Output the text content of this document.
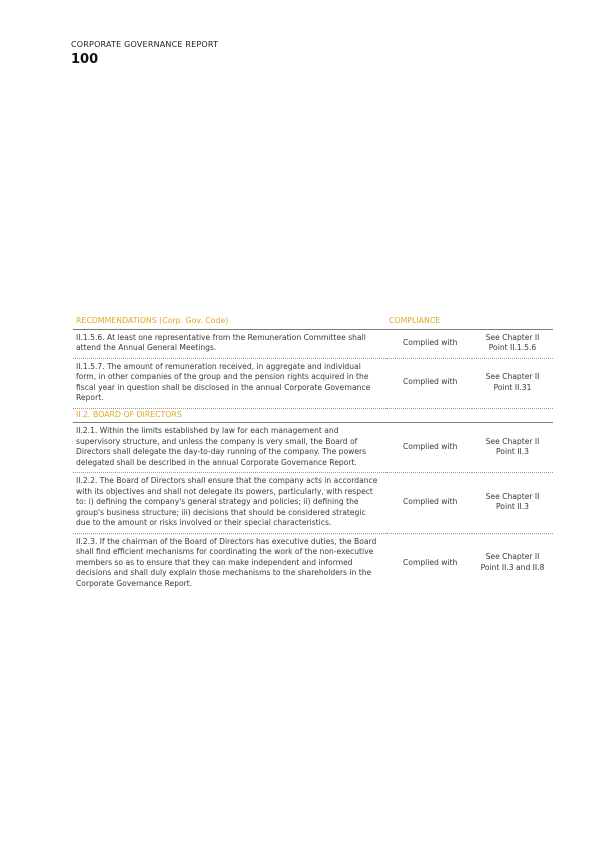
CORPORATE GOVERNANCE REPORT
100
RECOMMENDATIONS (Corp. Gov. Code)	COMPLIANCE	
II.1.5.6. At least one representative from the Remuneration Committee shall attend the Annual General Meetings.	Complied with	See Chapter II
Point II.1.5.6

II.1.5.7. The amount of remuneration received, in aggregate and individual form, in other companies of the group and the pension rights acquired in the fiscal year in question shall be disclosed in the annual Corporate Governance Report.	Complied with	See Chapter II
Point II.31

II.2. BOARD OF DIRECTORS		
II.2.1. Within the limits established by law for each management and supervisory structure, and unless the company is very small, the Board of Directors shall delegate the day-to-day running of the company. The powers delegated shall be described in the annual Corporate Governance Report.	Complied with	See Chapter II
Point II.3

II.2.2. The Board of Directors shall ensure that the company acts in accordance with its objectives and shall not delegate its powers, particularly, with respect to: i) defining the company's general strategy and policies; ii) defining the group's business structure; iii) decisions that should be considered strategic due to the amount or risks involved or their special characteristics.	Complied with	See Chapter II
Point II.3

II.2.3. If the chairman of the Board of Directors has executive duties, the Board shall find efficient mechanisms for coordinating the work of the non-executive members so as to ensure that they can make independent and informed decisions and shall duly explain those mechanisms to the shareholders in the Corporate Governance Report.	Complied with	See Chapter II
Point II.3 and II.8
